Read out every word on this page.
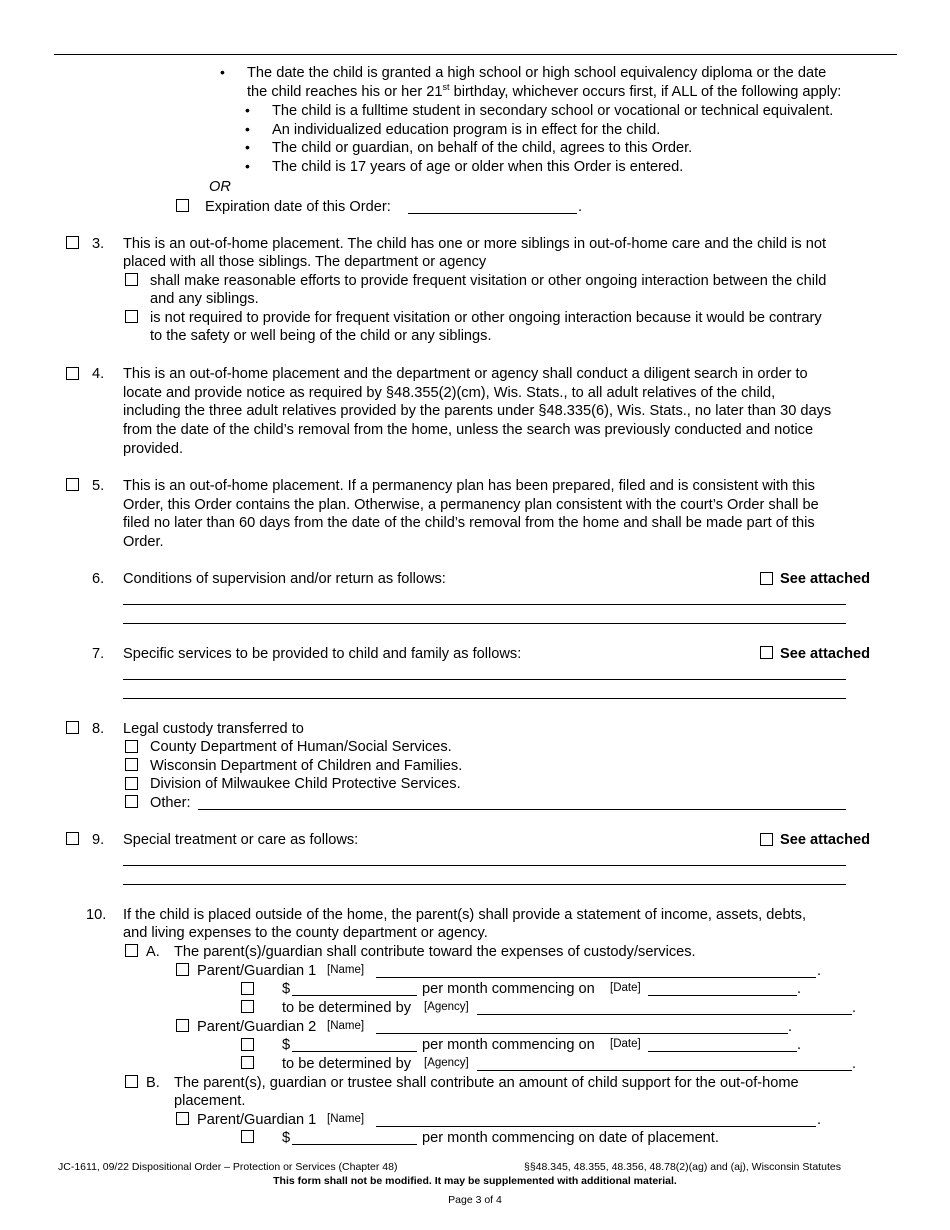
• The date the child is granted a high school or high school equivalency diploma or the date
the child reaches his or her 21st birthday, whichever occurs first, if ALL of the following apply:
• The child is a fulltime student in secondary school or vocational or technical equivalent.
• An individualized education program is in effect for the child.
• The child or guardian, on behalf of the child, agrees to this Order.
• The child is 17 years of age or older when this Order is entered.
OR
Expiration date of this Order:	.
3. This is an out-of-home placement. The child has one or more siblings in out-of-home care and the child is not
placed with all those siblings. The department or agency
shall make reasonable efforts to provide frequent visitation or other ongoing interaction between the child
and any siblings.
is not required to provide for frequent visitation or other ongoing interaction because it would be contrary
to the safety or well being of the child or any siblings.
4. This is an out-of-home placement and the department or agency shall conduct a diligent search in order to
locate and provide notice as required by §48.355(2)(cm), Wis. Stats., to all adult relatives of the child,
including the three adult relatives provided by the parents under §48.335(6), Wis. Stats., no later than 30 days
from the date of the child’s removal from the home, unless the search was previously conducted and notice
provided.
5. This is an out-of-home placement. If a permanency plan has been prepared, filed and is consistent with this
Order, this Order contains the plan. Otherwise, a permanency plan consistent with the court’s Order shall be
filed no later than 60 days from the date of the child’s removal from the home and shall be made part of this
Order.
6. Conditions of supervision and/or return as follows:	See attached
7. Specific services to be provided to child and family as follows:	See attached
8. Legal custody transferred to
County Department of Human/Social Services.
Wisconsin Department of Children and Families.
Division of Milwaukee Child Protective Services.
Other:
9. Special treatment or care as follows:	See attached
10. If the child is placed outside of the home, the parent(s) shall provide a statement of income, assets, debts,
and living expenses to the county department or agency.
A. The parent(s)/guardian shall contribute toward the expenses of custody/services.
Parent/Guardian 1 [Name]	.
$	per month commencing on [Date]	.
to be determined by [Agency]	.
Parent/Guardian 2 [Name]	.
$	per month commencing on [Date]	.
to be determined by [Agency]	.
B. The parent(s), guardian or trustee shall contribute an amount of child support for the out-of-home
placement.
Parent/Guardian 1 [Name]	.
$	per month commencing on date of placement.
JC-1611, 09/22 Dispositional Order – Protection or Services (Chapter 48)	§§48.345, 48.355, 48.356, 48.78(2)(ag) and (aj), Wisconsin Statutes
This form shall not be modified. It may be supplemented with additional material.
Page 3 of 4
